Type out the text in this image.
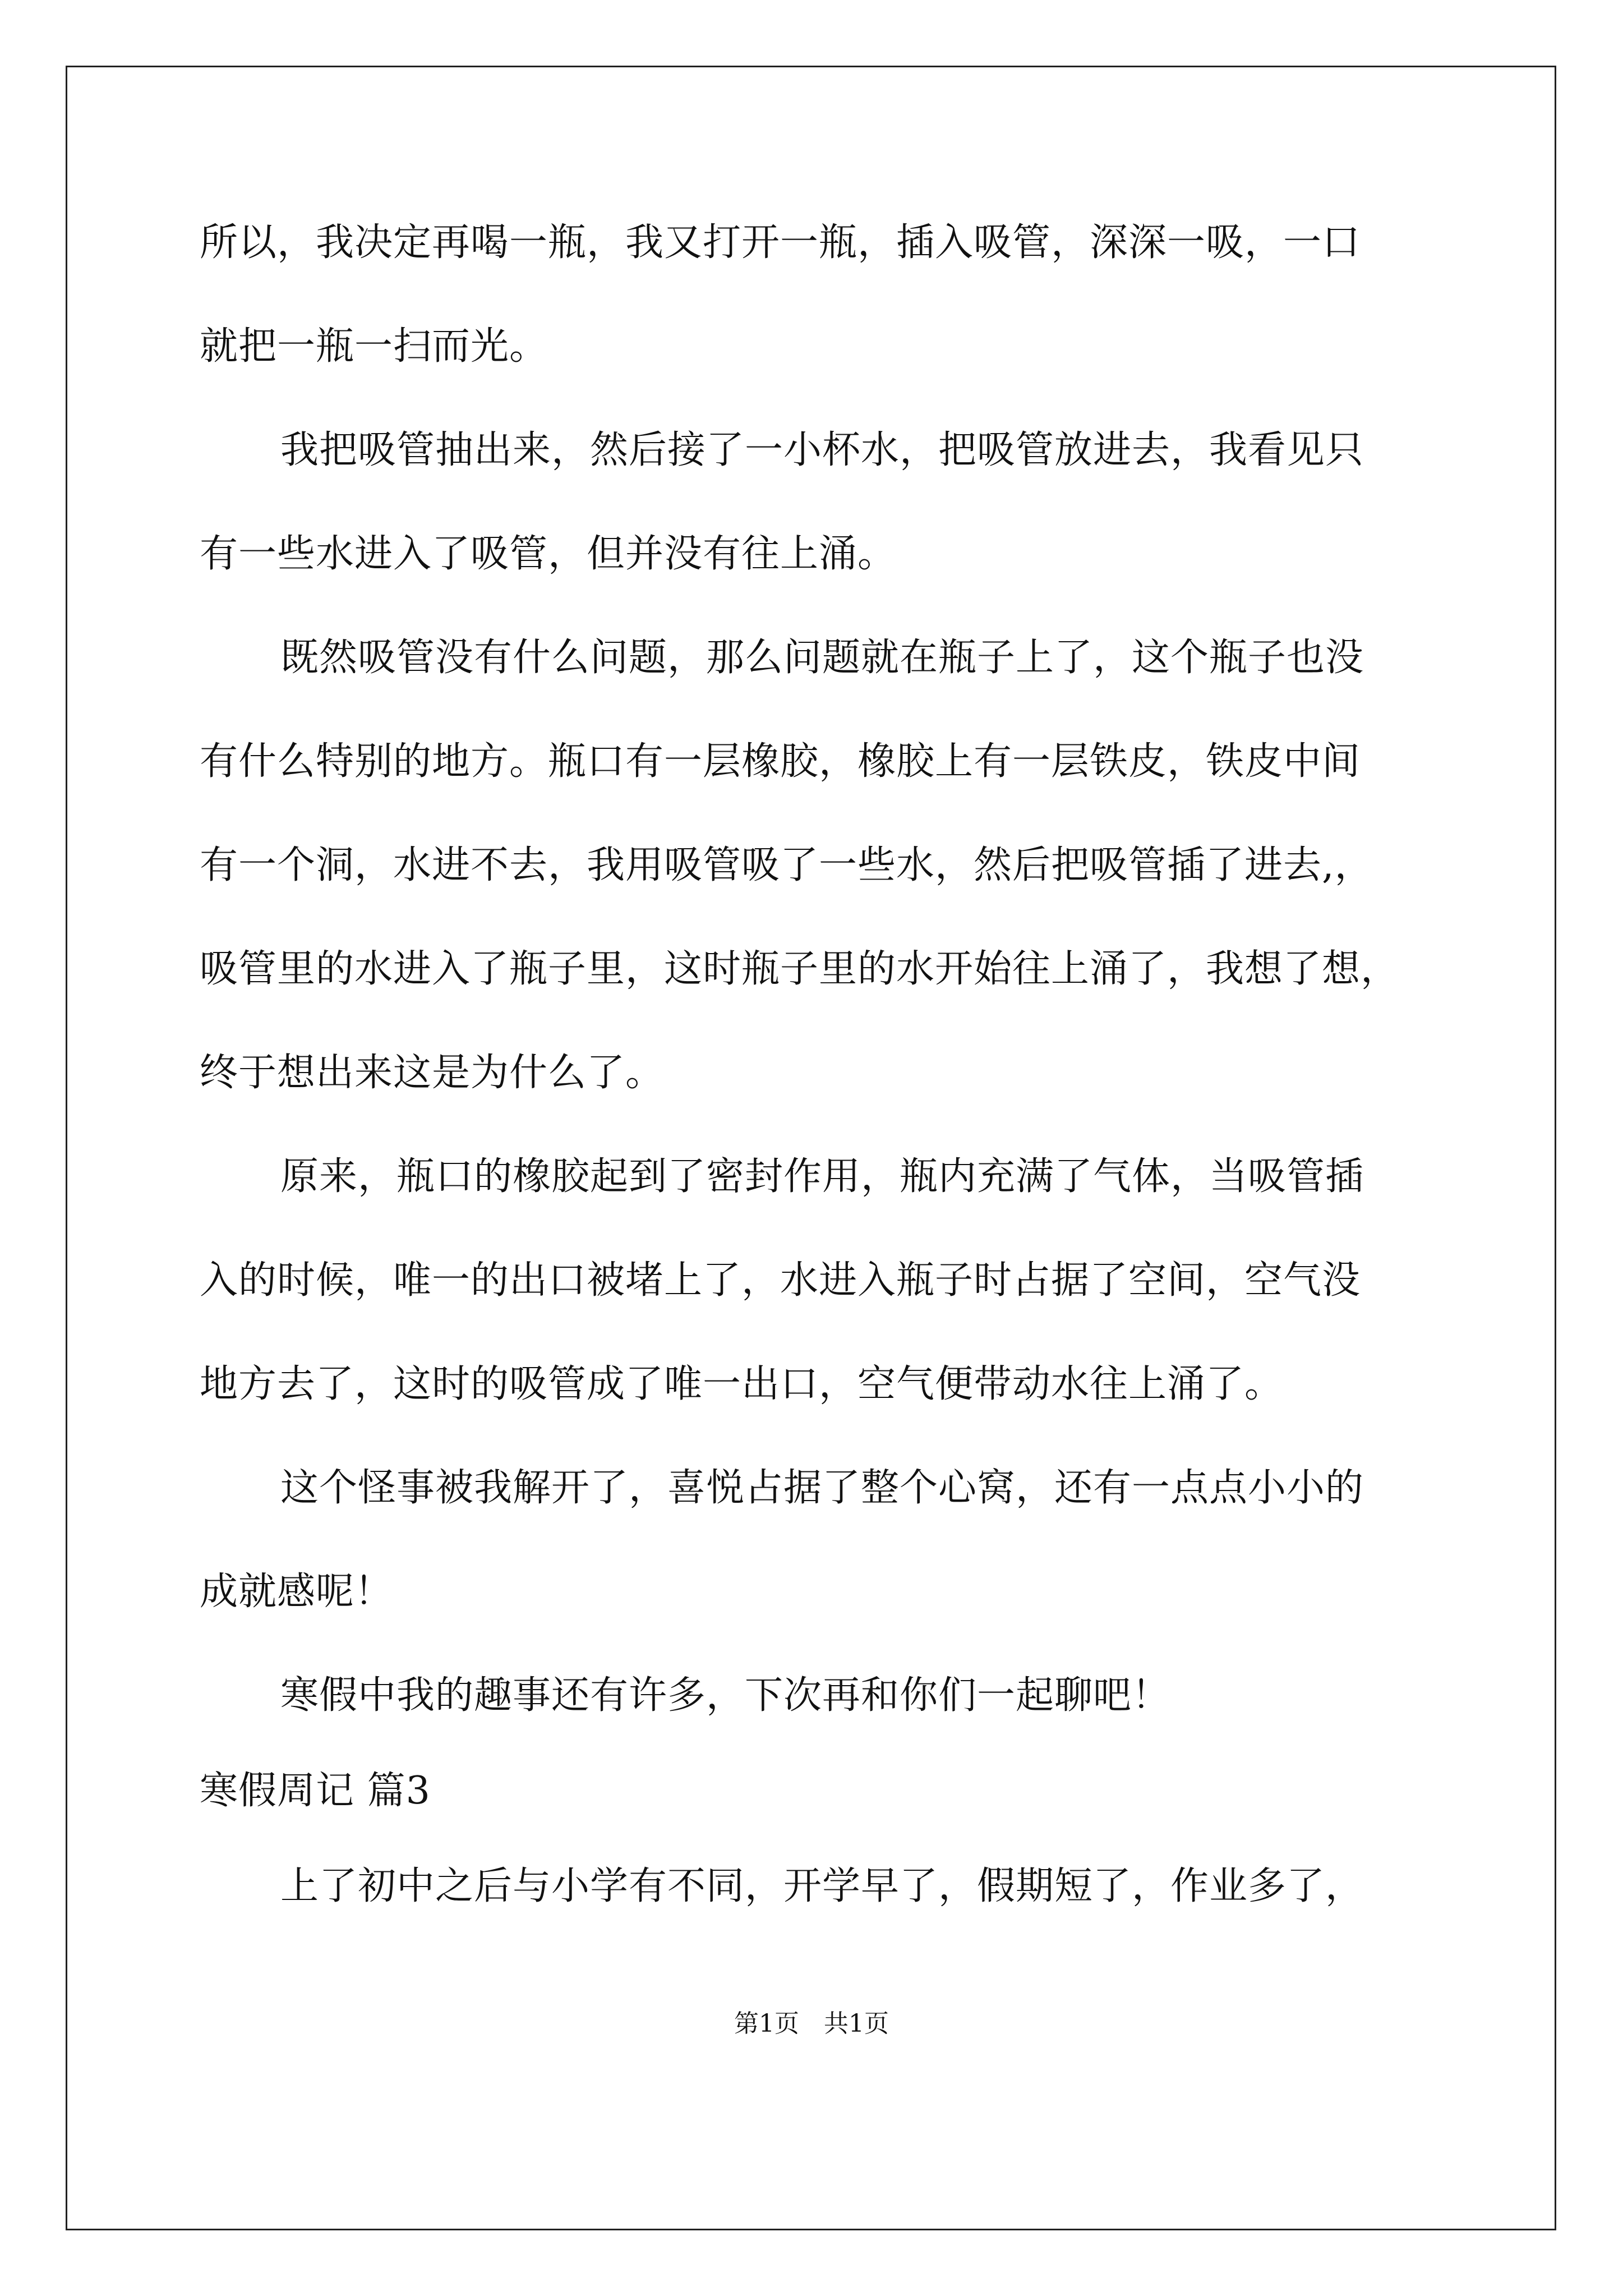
所以，我决定再喝一瓶，我又打开一瓶，插入吸管，深深一吸，一口
就把一瓶一扫而光。
我把吸管抽出来，然后接了一小杯水，把吸管放进去，我看见只
有一些水进入了吸管，但并没有往上涌。
既然吸管没有什么问题，那么问题就在瓶子上了，这个瓶子也没
有什么特别的地方。瓶口有一层橡胶，橡胶上有一层铁皮，铁皮中间
有一个洞，水进不去，我用吸管吸了一些水，然后把吸管插了进去,，
吸管里的水进入了瓶子里，这时瓶子里的水开始往上涌了，我想了想，
终于想出来这是为什么了。
原来，瓶口的橡胶起到了密封作用，瓶内充满了气体，当吸管插
入的时候，唯一的出口被堵上了，水进入瓶子时占据了空间，空气没
地方去了，这时的吸管成了唯一出口，空气便带动水往上涌了。
这个怪事被我解开了，喜悦占据了整个心窝，还有一点点小小的
成就感呢！
寒假中我的趣事还有许多，下次再和你们一起聊吧！
寒假周记 篇3
上了初中之后与小学有不同，开学早了，假期短了，作业多了，
第1页　共1页
